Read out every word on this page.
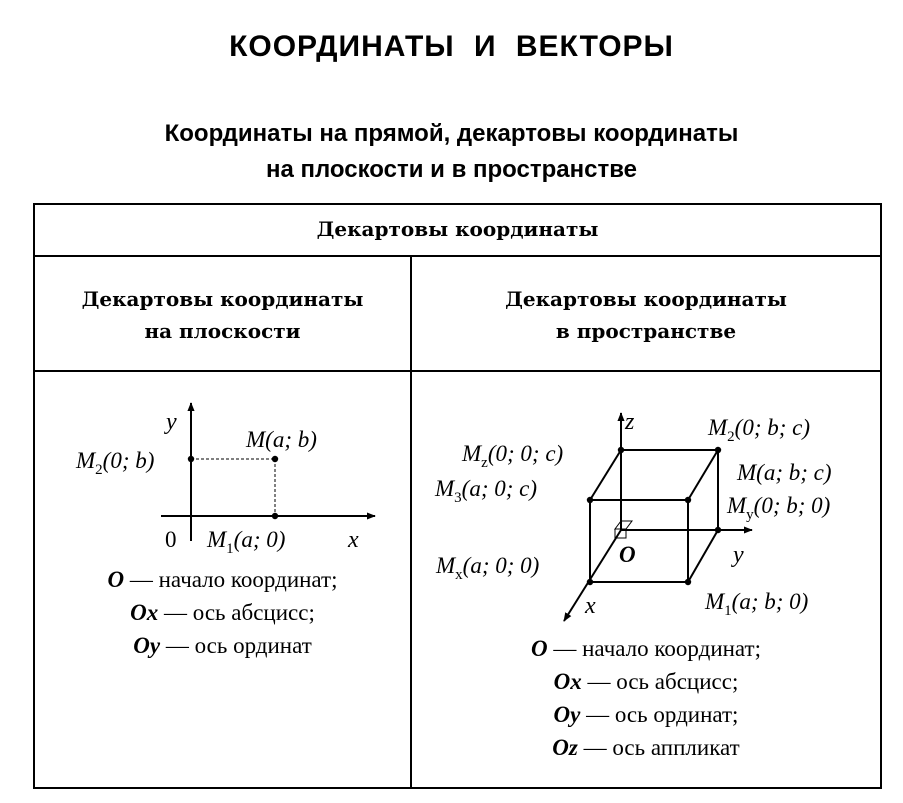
КООРДИНАТЫ И ВЕКТОРЫ
Координаты на прямой, декартовы координаты
на плоскости и в пространстве
Декартовы координаты
Декартовы координаты
на плоскости
Декартовы координаты
в пространстве
y
x
0
M(a; b)
$M_2(0$; b)
$M_1(a$; 0)
O — начало координат;
Ox — ось абсцисс;
Oy — ось ординат
z
y
x
O
$M_2(0$; b; c)
$M_z(0$; 0; c)
M(a; b; c)
$M_3(a$; 0; c)
$M_y(0$; b; 0)
$M_x(a$; 0; 0)
$M_1(a$; b; 0)
O — начало координат;
Ox — ось абсцисс;
Oy — ось ординат;
Oz — ось аппликат
